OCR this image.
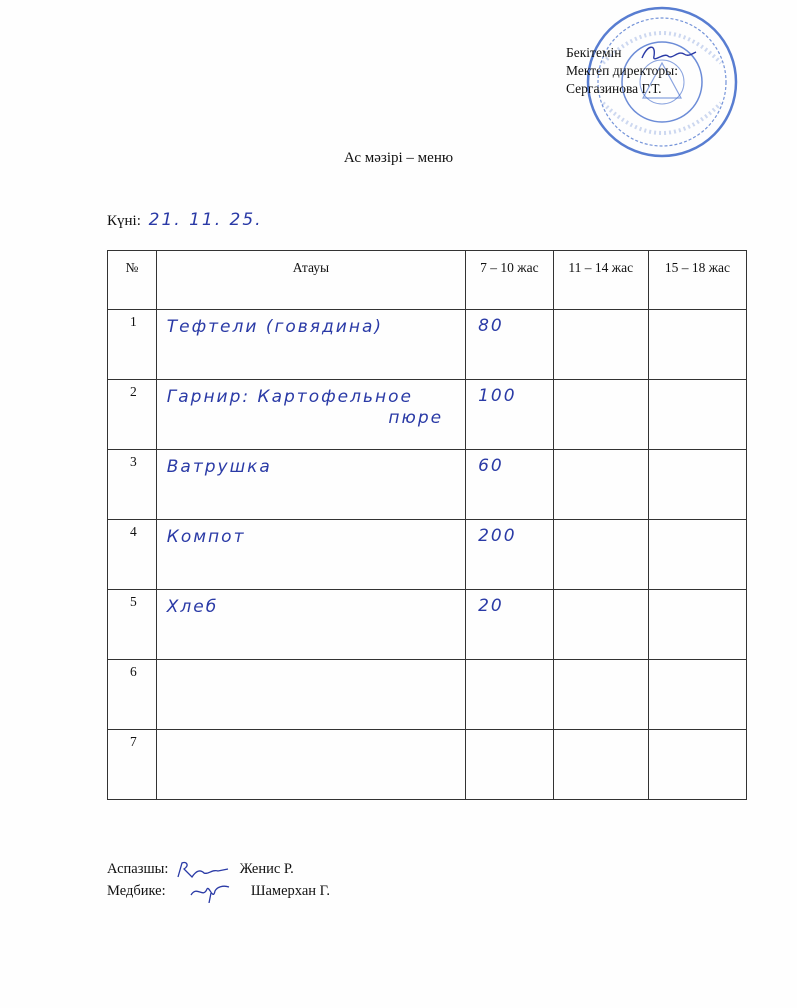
Бекітемін
Мектеп директоры:
Сергазинова Г.Т.
Ас мәзірі – меню
Күні: 21. 11. 25.
№	Атауы	7 – 10 жас	11 – 14 жас	15 – 18 жас

1	Тефтели (говядина)	80		

2	Гарнир: Картофельное
пюре	100		

3	Ватрушка	60		

4	Компот	200		

5	Хлеб	20		

6				

7				

Аспазшы:	Женис Р.
Медбике:	Шамерхан Г.
